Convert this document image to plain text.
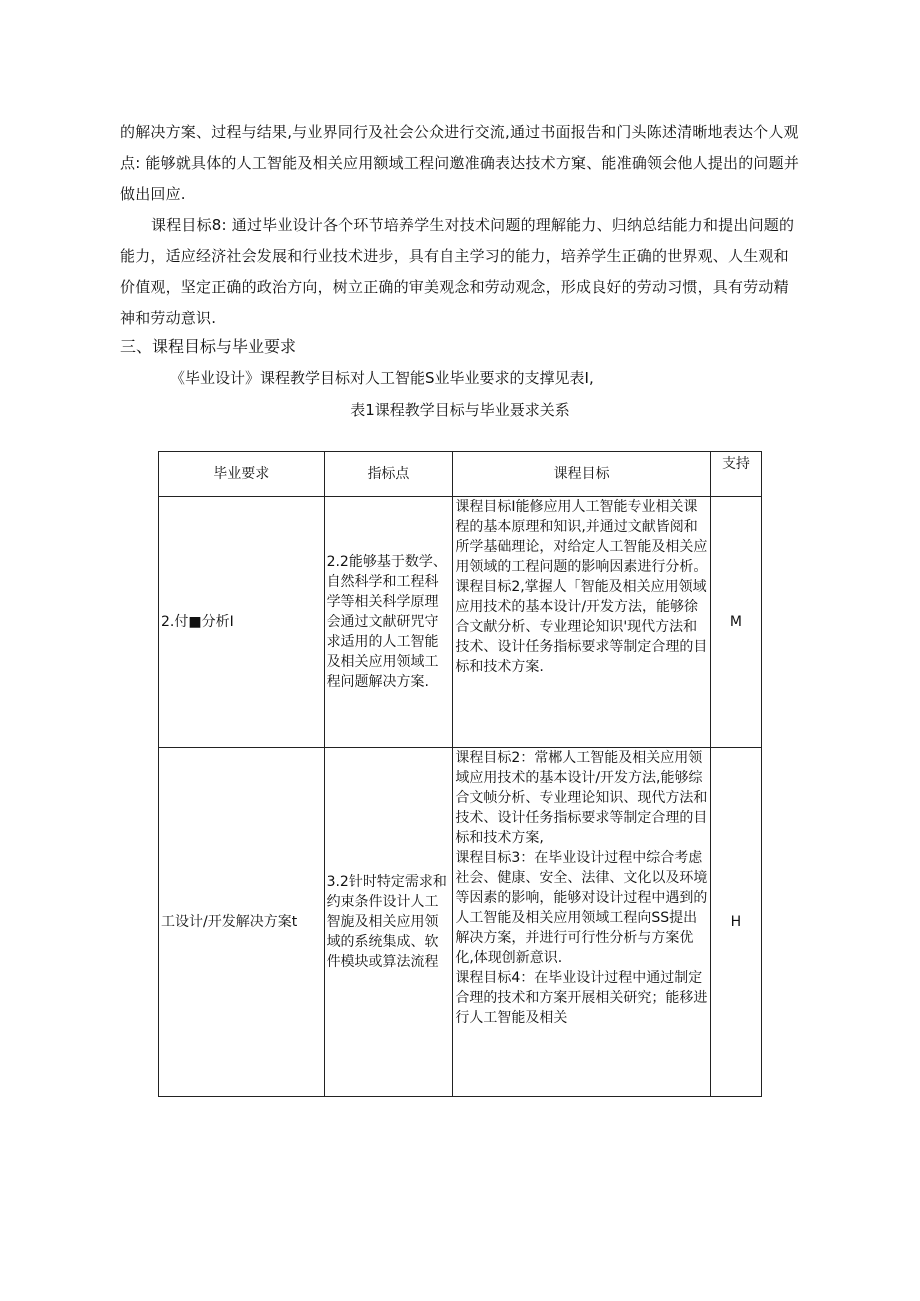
的解决方案、过程与结果,与业界同行及社会公众进行交流,通过书面报告和门头陈述清晰地表达个人观点: 能够就具体的人工智能及相关应用额域工程问邀准确表达技术方窠、能准确领会他人提出的问题并做出回应.

课程目标8: 通过毕业设计各个环节培养学生对技术问题的理解能力、归纳总结能力和提出问题的能力，适应经济社会发展和行业技术进步，具有自主学习的能力，培养学生正确的世界观、人生观和价值观，坚定正确的政治方向，树立正确的审美观念和劳动观念，形成良好的劳动习惯，具有劳动精神和劳动意识.

三、课程目标与毕业要求

《毕业设计》课程教学目标对人工智能S业毕业要求的支撑见表I,

表1课程教学目标与毕业聂求关系

毕业要求	指标点	课程目标	支持
2.付■分析I	2.2能够基于数学、自然科学和工程科学等相关科学原理会通过文献研咒守求适用的人工智能及相关应用领域工程问题解决方案.	课程目标I能修应用人工智能专业相关课程的基本原理和知识,并通过文献皆阅和所学基础理论，对给定人工智能及相关应用领域的工程问题的影响因素进行分析。
课程目标2,掌握人「智能及相关应用领域应用技术的基本设计/开发方法，能够徐合文献分析、专业理论知识'现代方法和技术、设计任务指标要求等制定合理的目标和技术方案.	M
工设计/开发解决方案t	3.2针时特定需求和约束条件设计人工智旎及相关应用领域的系统集成、软件模块或算法流程	课程目标2：常郴人工智能及相关应用领域应用技术的基本设计/开发方法,能够综合文帧分析、专业理论知识、现代方法和技术、设计任务指标要求等制定合理的目标和技术方案,
课程目标3：在毕业设计过程中综合考虑社会、健康、安全、法律、文化以及环境等因素的影响，能够对设计过程中遇到的人工智能及相关应用领域工程向SS提出解决方案，并进行可行性分析与方案优化,体现创新意识.
课程目标4：在毕业设计过程中通过制定合理的技术和方案开展相关研究；能移进行人工智能及相关	H
